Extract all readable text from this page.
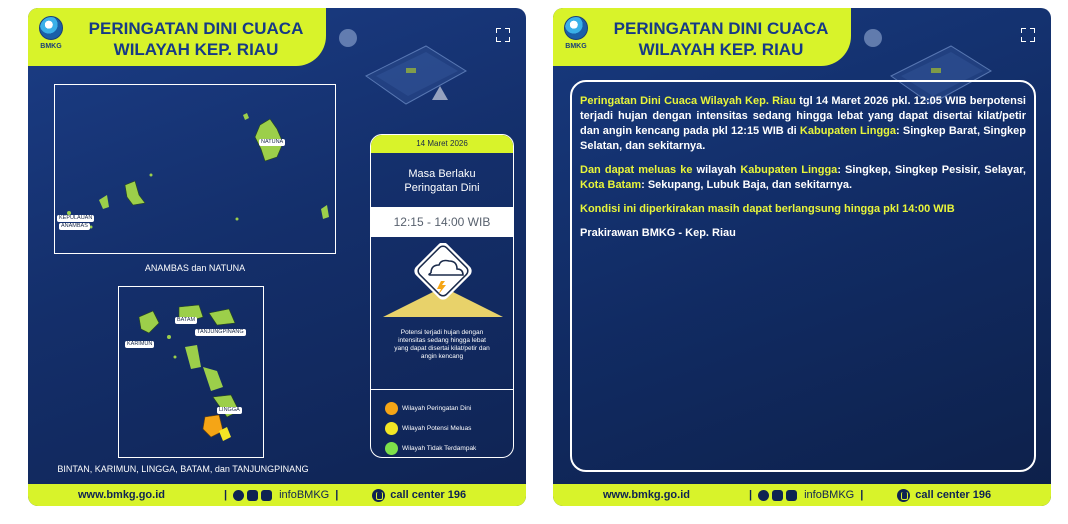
BMKG
PERINGATAN DINI CUACA
WILAYAH KEP. RIAU
NATUNA
KEPULAUAN
ANAMBAS
ANAMBAS dan NATUNA
BATAM
TANJUNGPINANG
KARIMUN
LINGGA
BINTAN, KARIMUN, LINGGA, BATAM, dan TANJUNGPINANG
14 Maret 2026
Masa Berlaku
Peringatan Dini
12:15 - 14:00 WIB
Potensi terjadi hujan dengan
intensitas sedang hingga lebat
yang dapat disertai kilat/petir dan
angin kencang
Wilayah Peringatan Dini
Wilayah Potensi Meluas
Wilayah Tidak Terdampak
www.bmkg.go.id	|	infoBMKG |	call center 196
BMKG
PERINGATAN DINI CUACA
WILAYAH KEP. RIAU

Peringatan Dini Cuaca Wilayah Kep. Riau tgl 14 Maret 2026 pkl. 12:05 WIB berpotensi terjadi hujan dengan intensitas sedang hingga lebat yang dapat disertai kilat/petir dan angin kencang pada pkl 12:15 WIB di Kabupaten Lingga: Singkep Barat, Singkep Selatan, dan sekitarnya.

Dan dapat meluas ke wilayah Kabupaten Lingga: Singkep, Singkep Pesisir, Selayar, Kota Batam: Sekupang, Lubuk Baja, dan sekitarnya.

Kondisi ini diperkirakan masih dapat berlangsung hingga pkl 14:00 WIB

Prakirawan BMKG - Kep. Riau

www.bmkg.go.id	|	infoBMKG |	call center 196
